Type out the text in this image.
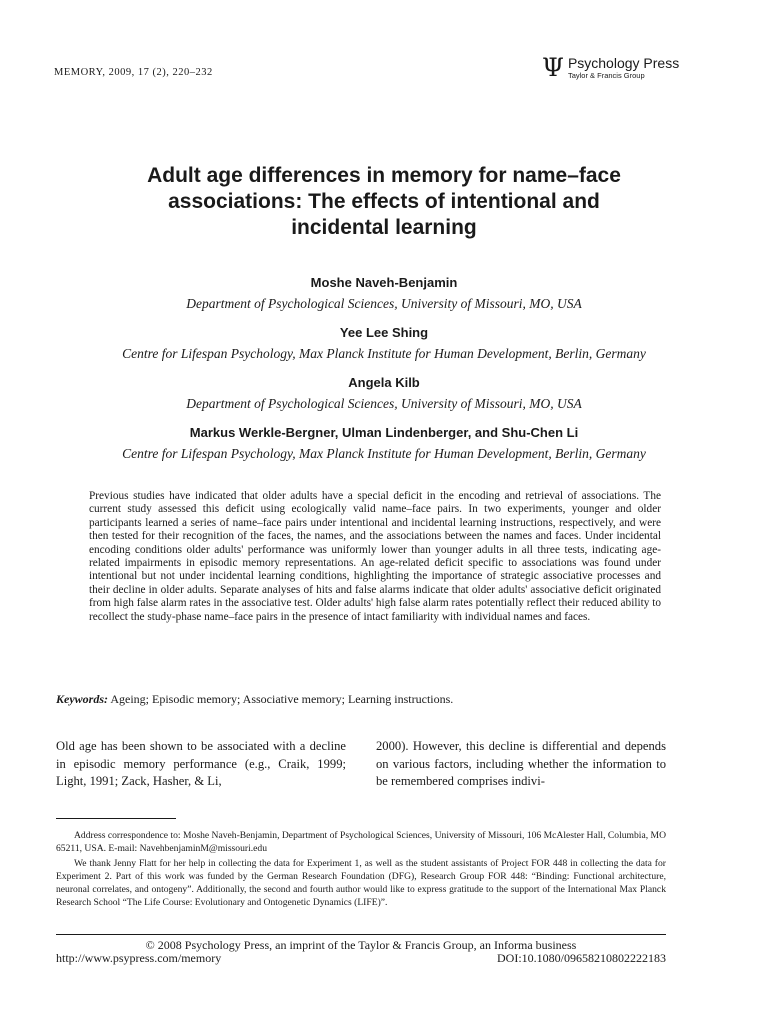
MEMORY, 2009, 17 (2), 220–232	Ψ Psychology Press
Taylor & Francis Group
Adult age differences in memory for name–face
associations: The effects of intentional and
incidental learning
Moshe Naveh-Benjamin
Department of Psychological Sciences, University of Missouri, MO, USA
Yee Lee Shing
Centre for Lifespan Psychology, Max Planck Institute for Human Development, Berlin, Germany
Angela Kilb
Department of Psychological Sciences, University of Missouri, MO, USA
Markus Werkle-Bergner, Ulman Lindenberger, and Shu-Chen Li
Centre for Lifespan Psychology, Max Planck Institute for Human Development, Berlin, Germany

Previous studies have indicated that older adults have a special deficit in the encoding and retrieval of associations. The current study assessed this deficit using ecologically valid name–face pairs. In two experiments, younger and older participants learned a series of name–face pairs under intentional and incidental learning instructions, respectively, and were then tested for their recognition of the faces, the names, and the associations between the names and faces. Under incidental encoding conditions older adults' performance was uniformly lower than younger adults in all three tests, indicating age-related impairments in episodic memory representations. An age-related deficit specific to associations was found under intentional but not under incidental learning conditions, highlighting the importance of strategic associative processes and their decline in older adults. Separate analyses of hits and false alarms indicate that older adults' associative deficit originated from high false alarm rates in the associative test. Older adults' high false alarm rates potentially reflect their reduced ability to recollect the study-phase name–face pairs in the presence of intact familiarity with individual names and faces.

Keywords: Ageing; Episodic memory; Associative memory; Learning instructions.

Old age has been shown to be associated with a decline in episodic memory performance (e.g., Craik, 1999; Light, 1991; Zack, Hasher, & Li,

2000). However, this decline is differential and depends on various factors, including whether the information to be remembered comprises indivi-

Address correspondence to: Moshe Naveh-Benjamin, Department of Psychological Sciences, University of Missouri, 106 McAlester Hall, Columbia, MO 65211, USA. E-mail: NavehbenjaminM@missouri.edu

We thank Jenny Flatt for her help in collecting the data for Experiment 1, as well as the student assistants of Project FOR 448 in collecting the data for Experiment 2. Part of this work was funded by the German Research Foundation (DFG), Research Group FOR 448: “Binding: Functional architecture, neuronal correlates, and ontogeny”. Additionally, the second and fourth author would like to express gratitude to the support of the International Max Planck Research School “The Life Course: Evolutionary and Ontogenetic Dynamics (LIFE)”.

© 2008 Psychology Press, an imprint of the Taylor & Francis Group, an Informa business
http://www.psypress.com/memory	DOI:10.1080/09658210802222183
